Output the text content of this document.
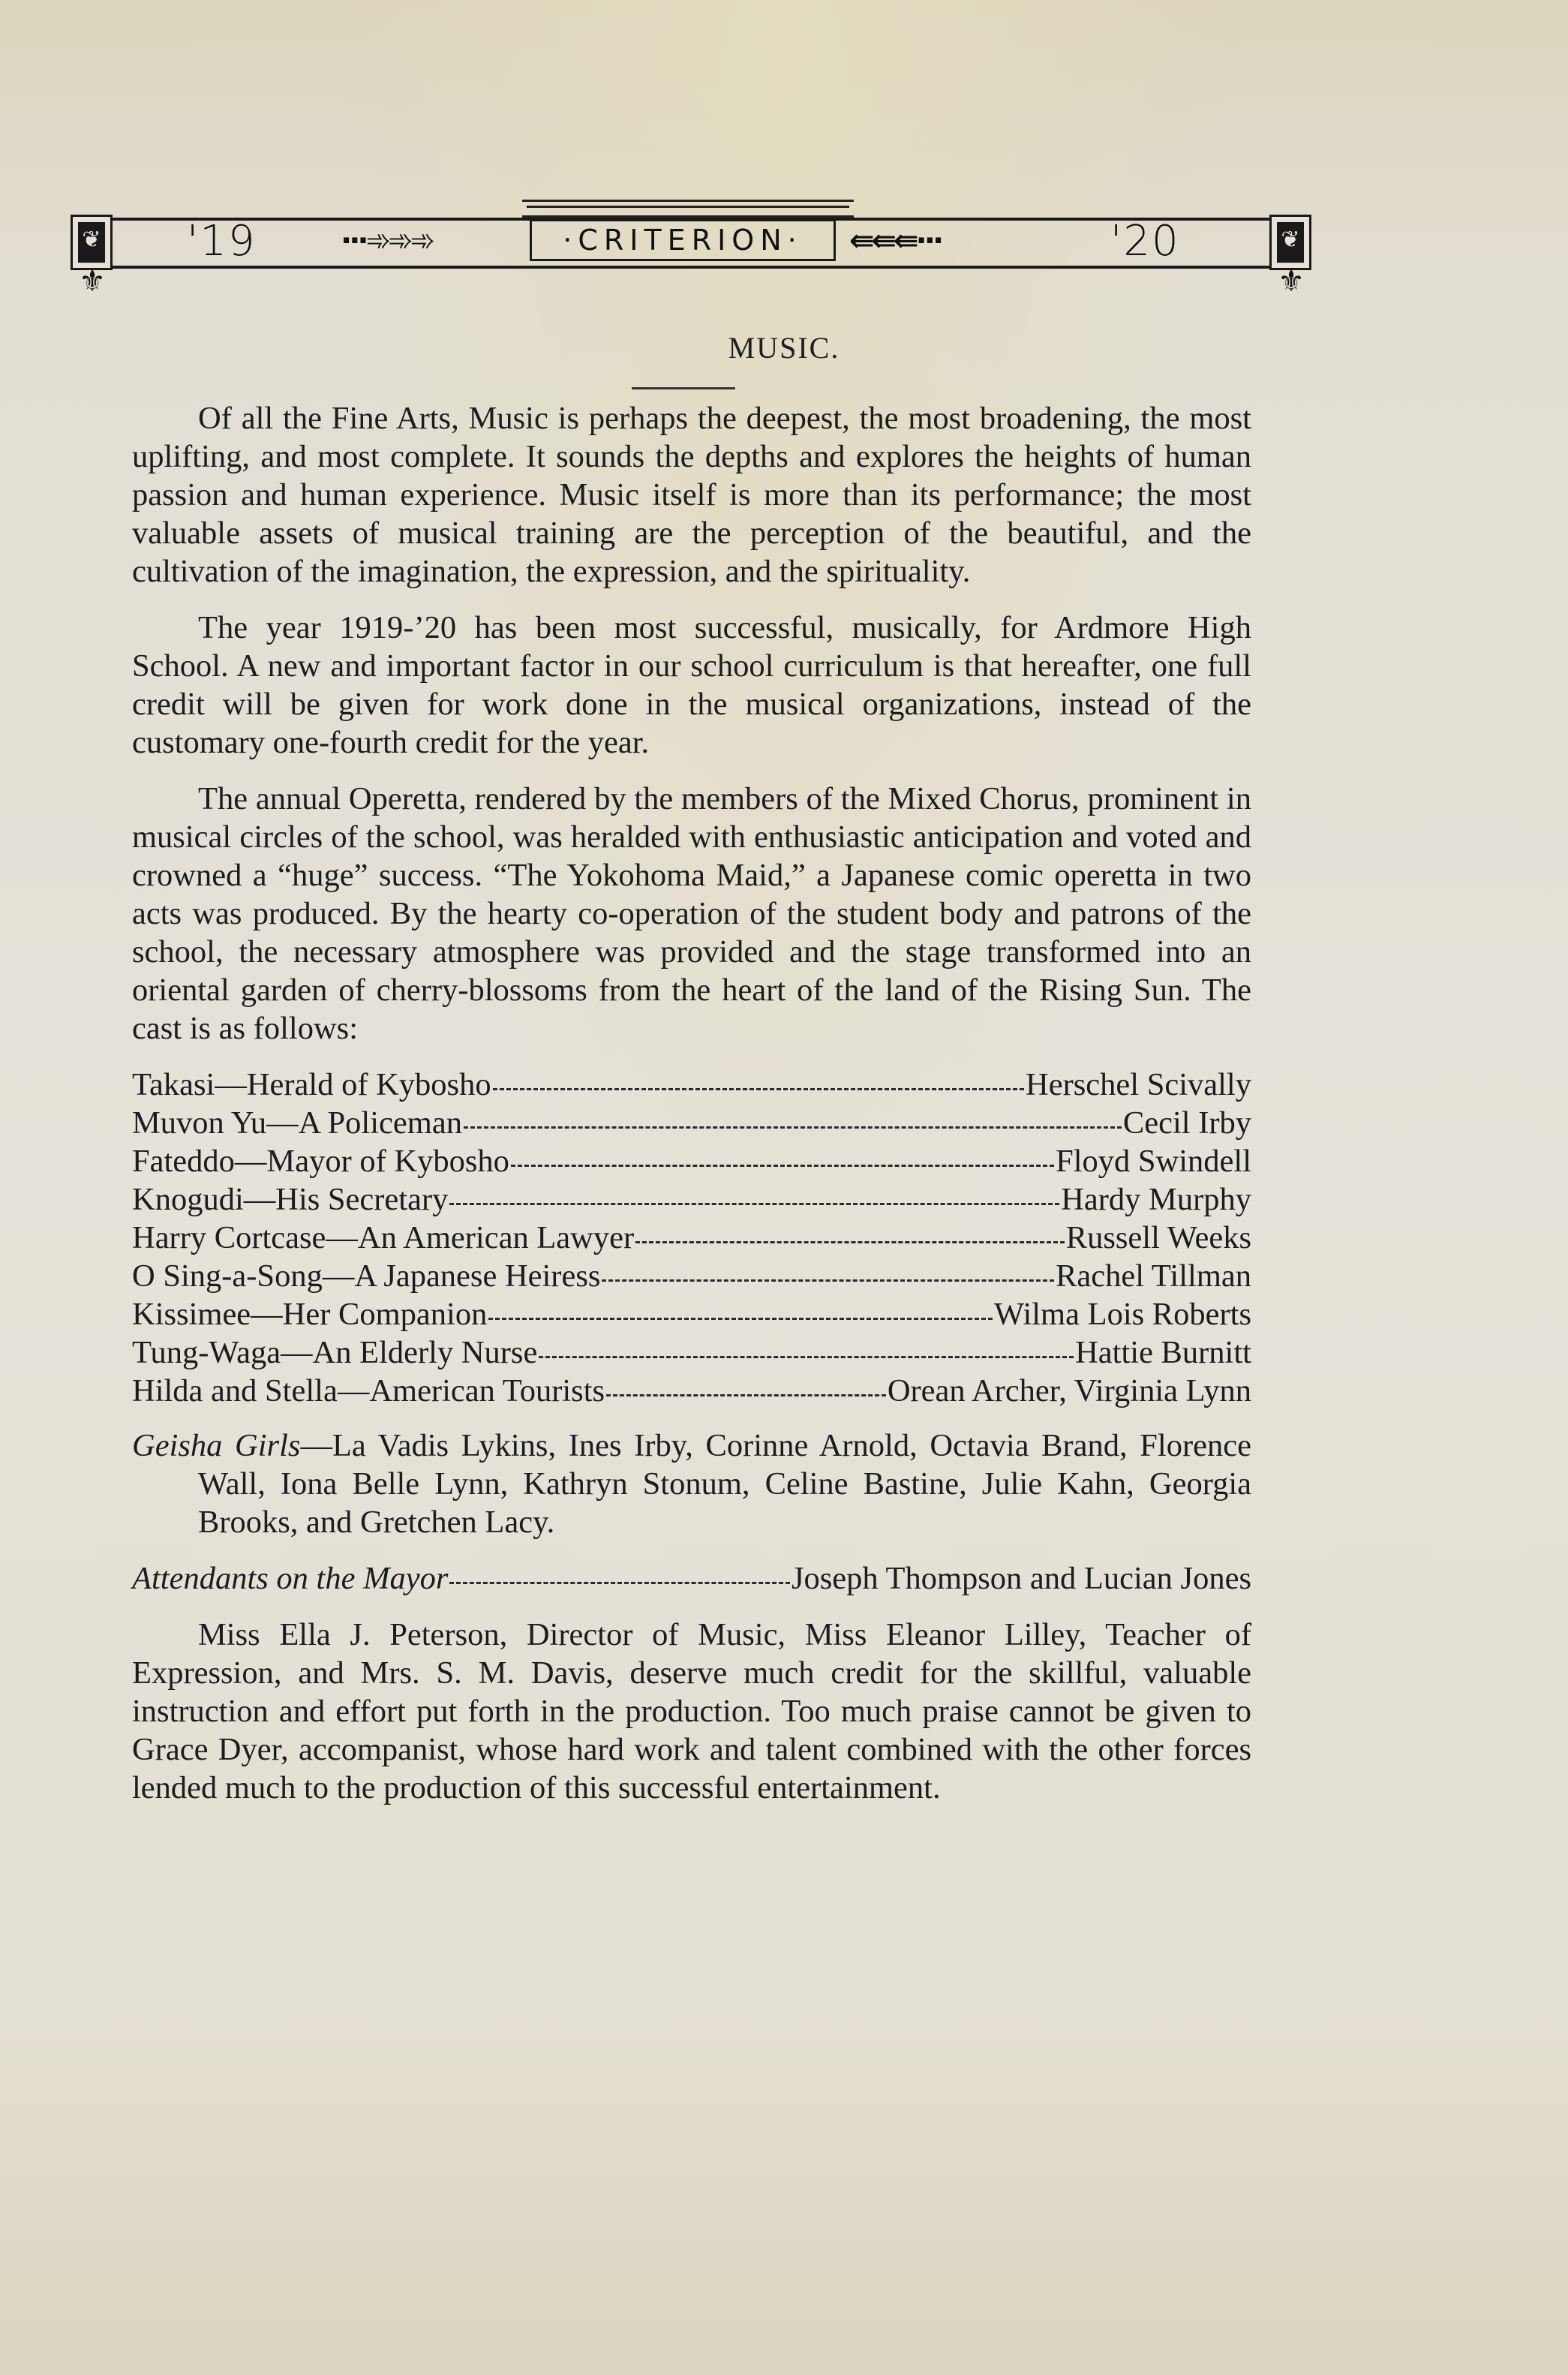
❦	❦
'19	···➾➾➾	·CRITERION·	⇚⇚⇚···	'20
⚜	⚜
MUSIC.

Of all the Fine Arts, Music is perhaps the deepest, the most broadening, the most uplifting, and most complete. It sounds the depths and explores the heights of human passion and human experience. Music itself is more than its performance; the most valuable assets of musical training are the perception of the beautiful, and the cultivation of the imagination, the expression, and the spirituality.

The year 1919-’20 has been most successful, musically, for Ardmore High School. A new and important factor in our school curriculum is that hereafter, one full credit will be given for work done in the musical organizations, instead of the customary one-fourth credit for the year.

The annual Operetta, rendered by the members of the Mixed Chorus, prominent in musical circles of the school, was heralded with enthusiastic anticipation and voted and crowned a “huge” success. “The Yokohoma Maid,” a Japanese comic operetta in two acts was produced. By the hearty co-operation of the student body and patrons of the school, the necessary atmosphere was provided and the stage transformed into an oriental garden of cherry-blossoms from the heart of the land of the Rising Sun. The cast is as follows:

Takasi—Herald of Kybosho	Herschel Scivally
Muvon Yu—A Policeman	Cecil Irby
Fateddo—Mayor of Kybosho	Floyd Swindell
Knogudi—His Secretary	Hardy Murphy
Harry Cortcase—An American Lawyer	Russell Weeks
O Sing-a-Song—A Japanese Heiress	Rachel Tillman
Kissimee—Her Companion	Wilma Lois Roberts
Tung-Waga—An Elderly Nurse	Hattie Burnitt
Hilda and Stella—American Tourists	Orean Archer, Virginia Lynn
Geisha Girls—La Vadis Lykins, Ines Irby, Corinne Arnold, Octavia Brand, Florence Wall, Iona Belle Lynn, Kathryn Stonum, Celine Bastine, Julie Kahn, Georgia Brooks, and Gretchen Lacy.
Attendants on the Mayor	Joseph Thompson and Lucian Jones

Miss Ella J. Peterson, Director of Music, Miss Eleanor Lilley, Teacher of Expression, and Mrs. S. M. Davis, deserve much credit for the skillful, valuable instruction and effort put forth in the production. Too much praise cannot be given to Grace Dyer, accompanist, whose hard work and talent combined with the other forces lended much to the production of this successful entertainment.
